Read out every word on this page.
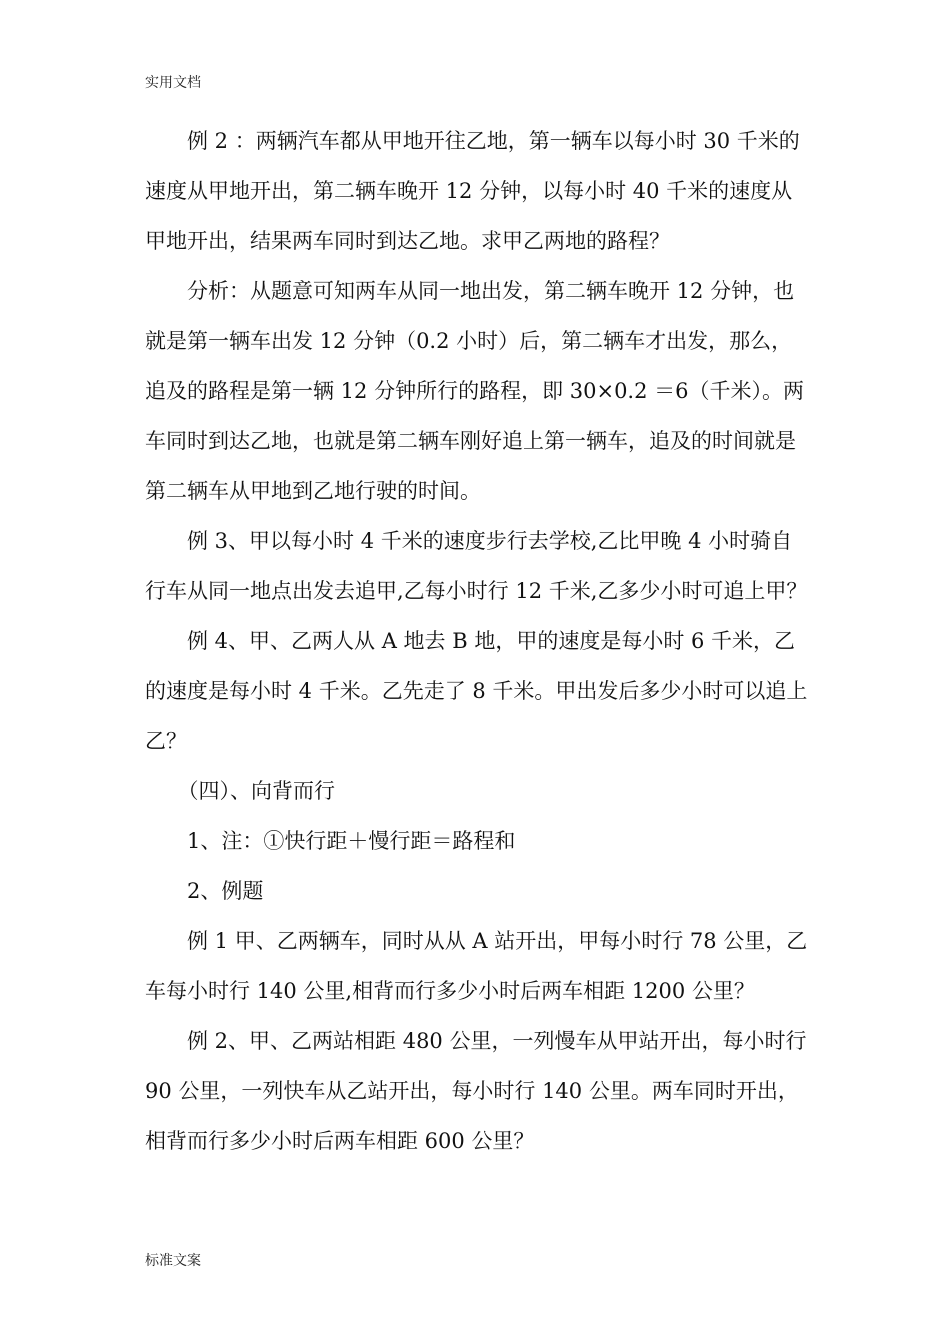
实用文档

例 2 ：两辆汽车都从甲地开往乙地，第一辆车以每小时 30 千米的速度从甲地开出，第二辆车晚开 12 分钟，以每小时 40 千米的速度从甲地开出，结果两车同时到达乙地。求甲乙两地的路程？

分析：从题意可知两车从同一地出发，第二辆车晚开 12 分钟，也就是第一辆车出发 12 分钟（0.2 小时）后，第二辆车才出发，那么，追及的路程是第一辆 12 分钟所行的路程，即 30×0.2 ＝6（千米）。两车同时到达乙地，也就是第二辆车刚好追上第一辆车，追及的时间就是第二辆车从甲地到乙地行驶的时间。

例 3、甲以每小时 4 千米的速度步行去学校,乙比甲晚 4 小时骑自行车从同一地点出发去追甲,乙每小时行 12 千米,乙多少小时可追上甲？

例 4、甲、乙两人从 A 地去 B 地，甲的速度是每小时 6 千米，乙的速度是每小时 4 千米。乙先走了 8 千米。甲出发后多少小时可以追上乙？

（四）、向背而行

1、注：①快行距＋慢行距＝路程和

2、例题

例 1 甲、乙两辆车，同时从从 A 站开出，甲每小时行 78 公里，乙车每小时行 140 公里,相背而行多少小时后两车相距 1200 公里？

例 2、甲、乙两站相距 480 公里，一列慢车从甲站开出，每小时行 90 公里，一列快车从乙站开出，每小时行 140 公里。两车同时开出，相背而行多少小时后两车相距 600 公里？

标准文案
